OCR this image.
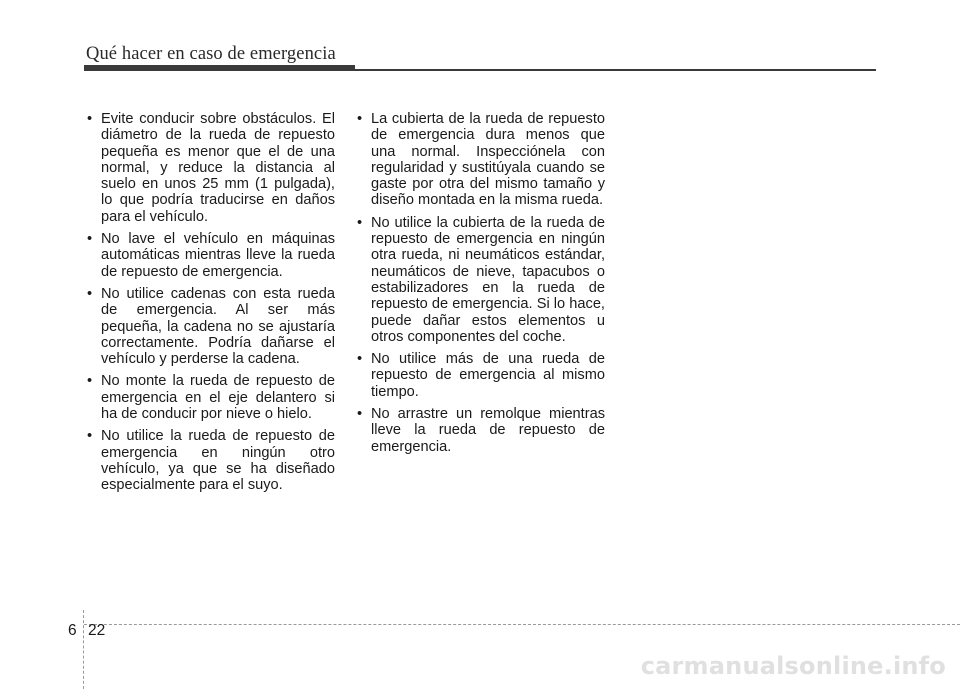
Qué hacer en caso de emergencia
• Evite conducir sobre obstáculos. El diámetro de la rueda de repuesto pequeña es menor que el de una normal, y reduce la distancia al suelo en unos 25 mm (1 pulgada), lo que podría traducirse en daños para el vehículo.
• No lave el vehículo en máquinas automáticas mientras lleve la rueda de repuesto de emergencia.
• No utilice cadenas con esta rueda de emergencia. Al ser más pequeña, la cadena no se ajustaría correctamente. Podría dañarse el vehículo y perderse la cadena.
• No monte la rueda de repuesto de emergencia en el eje delantero si ha de conducir por nieve o hielo.
• No utilice la rueda de repuesto de emergencia en ningún otro vehículo, ya que se ha diseñado especialmente para el suyo.
• La cubierta de la rueda de repuesto de emergencia dura menos que una normal. Inspecciónela con regularidad y sustitúyala cuando se gaste por otra del mismo tamaño y diseño montada en la misma rueda.
• No utilice la cubierta de la rueda de repuesto de emergencia en ningún otra rueda, ni neumáticos estándar, neumáticos de nieve, tapacubos o estabilizadores en la rueda de repuesto de emergencia. Si lo hace, puede dañar estos elementos u otros componentes del coche.
• No utilice más de una rueda de repuesto de emergencia al mismo tiempo.
• No arrastre un remolque mientras lleve la rueda de repuesto de emergencia.
6 22
carmanualsonline.info
